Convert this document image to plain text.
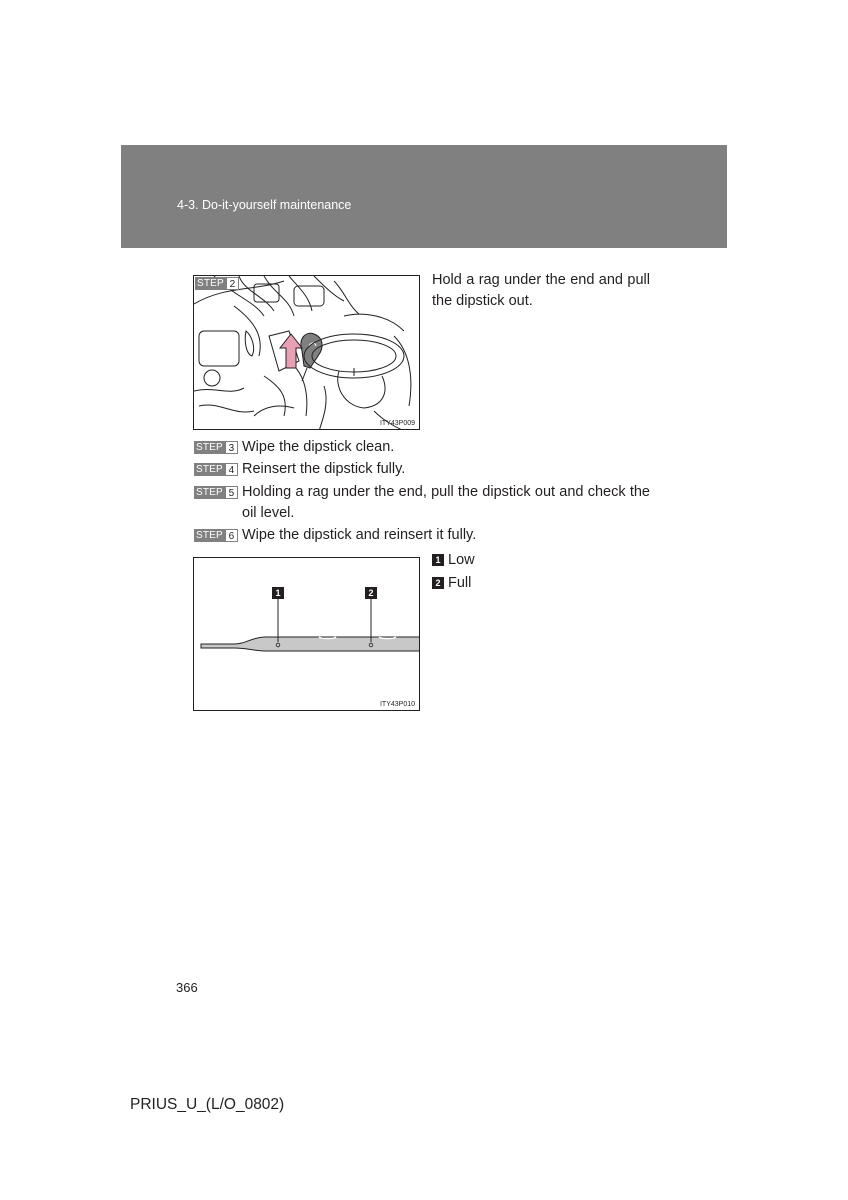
4-3. Do-it-yourself maintenance
STEP 2
ITY43P009
Hold a rag under the end and pull the dipstick out.
STEP 3 Wipe the dipstick clean.
STEP 4 Reinsert the dipstick fully.
STEP 5 Holding a rag under the end, pull the dipstick out and check the oil level.
STEP 6 Wipe the dipstick and reinsert it fully.
1	2
ITY43P010
1 Low
2 Full
366
PRIUS_U_(L/O_0802)
